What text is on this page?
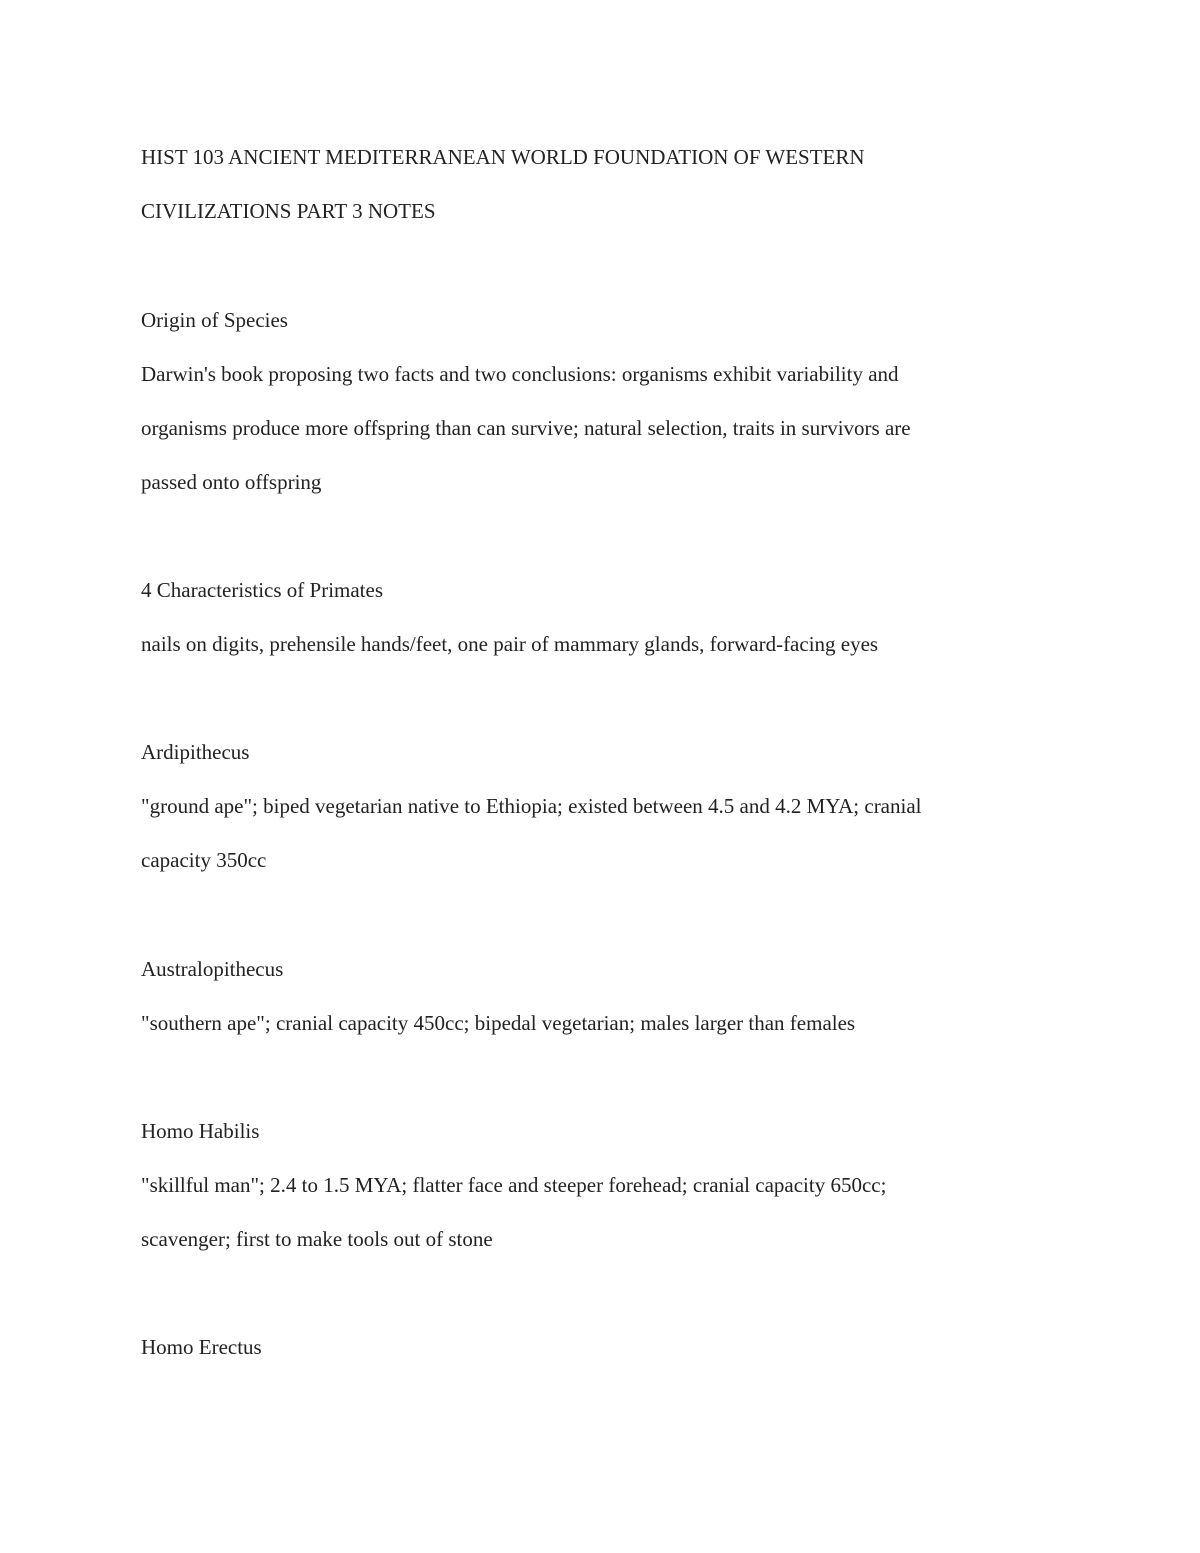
HIST 103 ANCIENT MEDITERRANEAN WORLD FOUNDATION OF WESTERN
CIVILIZATIONS PART 3 NOTES
Origin of Species
Darwin's book proposing two facts and two conclusions: organisms exhibit variability and
organisms produce more offspring than can survive; natural selection, traits in survivors are
passed onto offspring
4 Characteristics of Primates
nails on digits, prehensile hands/feet, one pair of mammary glands, forward-facing eyes
Ardipithecus
"ground ape"; biped vegetarian native to Ethiopia; existed between 4.5 and 4.2 MYA; cranial
capacity 350cc
Australopithecus
"southern ape"; cranial capacity 450cc; bipedal vegetarian; males larger than females
Homo Habilis
"skillful man"; 2.4 to 1.5 MYA; flatter face and steeper forehead; cranial capacity 650cc;
scavenger; first to make tools out of stone
Homo Erectus
